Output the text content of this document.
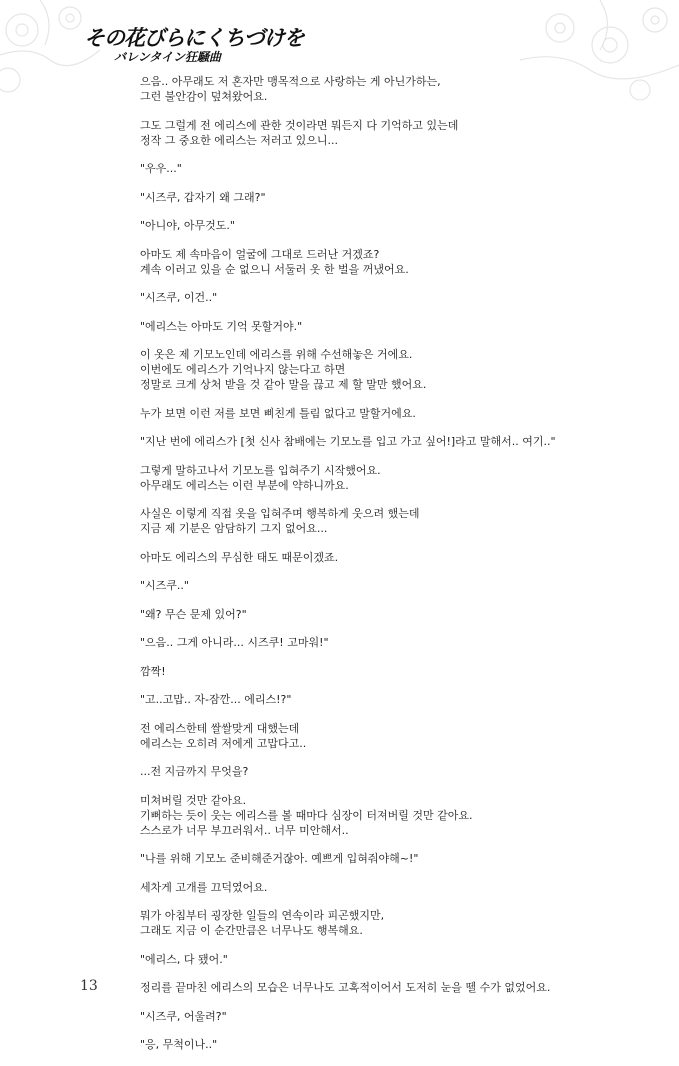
その花びらにくちづけを
バレンタイン狂騒曲

으음.. 아무래도 저 혼자만 맹목적으로 사랑하는 게 아닌가하는,
그런 불안감이 덮쳐왔어요.

그도 그럴게 전 에리스에 관한 것이라면 뭐든지 다 기억하고 있는데
정작 그 중요한 에리스는 저러고 있으니...

"우우..."

"시즈쿠, 갑자기 왜 그래?"

"아니야, 아무것도."

아마도 제 속마음이 얼굴에 그대로 드러난 거겠죠?
계속 이러고 있을 순 없으니 서둘러 옷 한 벌을 꺼냈어요.

"시즈쿠, 이건.."

"에리스는 아마도 기억 못할거야."

이 옷은 제 기모노인데 에리스를 위해 수선해놓은 거에요.
이번에도 에리스가 기억나지 않는다고 하면
정말로 크게 상처 받을 것 같아 말을 끊고 제 할 말만 했어요.

누가 보면 이런 저를 보면 삐친게 틀림 없다고 말할거에요.

"지난 번에 에리스가 [첫 신사 참배에는 기모노를 입고 가고 싶어!]라고 말해서.. 여기.."

그렇게 말하고나서 기모노를 입혀주기 시작했어요.
아무래도 에리스는 이런 부분에 약하니까요.

사실은 이렇게 직접 옷을 입혀주며 행복하게 웃으려 했는데
지금 제 기분은 암담하기 그지 없어요...

아마도 에리스의 무심한 태도 때문이겠죠.

"시즈쿠.."

"왜? 무슨 문제 있어?"

"으음.. 그게 아니라... 시즈쿠! 고마워!"

깜짝!

"고..고맙.. 자-잠깐... 에리스!?"

전 에리스한테 쌀쌀맞게 대했는데
에리스는 오히려 저에게 고맙다고..

...전 지금까지 무엇을?

미쳐버릴 것만 같아요.
기뻐하는 듯이 웃는 에리스를 볼 때마다 심장이 터져버릴 것만 같아요.
스스로가 너무 부끄러워서.. 너무 미안해서..

"나를 위해 기모노 준비해준거잖아. 예쁘게 입혀줘야해~!"

세차게 고개를 끄덕였어요.

뭐가 아침부터 굉장한 일들의 연속이라 피곤했지만,
그래도 지금 이 순간만큼은 너무나도 행복해요.

"에리스, 다 됐어."

정리를 끝마친 에리스의 모습은 너무나도 고혹적이어서 도저히 눈을 뗄 수가 없었어요.

"시즈쿠, 어울려?"

"응, 무척이나.."

13
